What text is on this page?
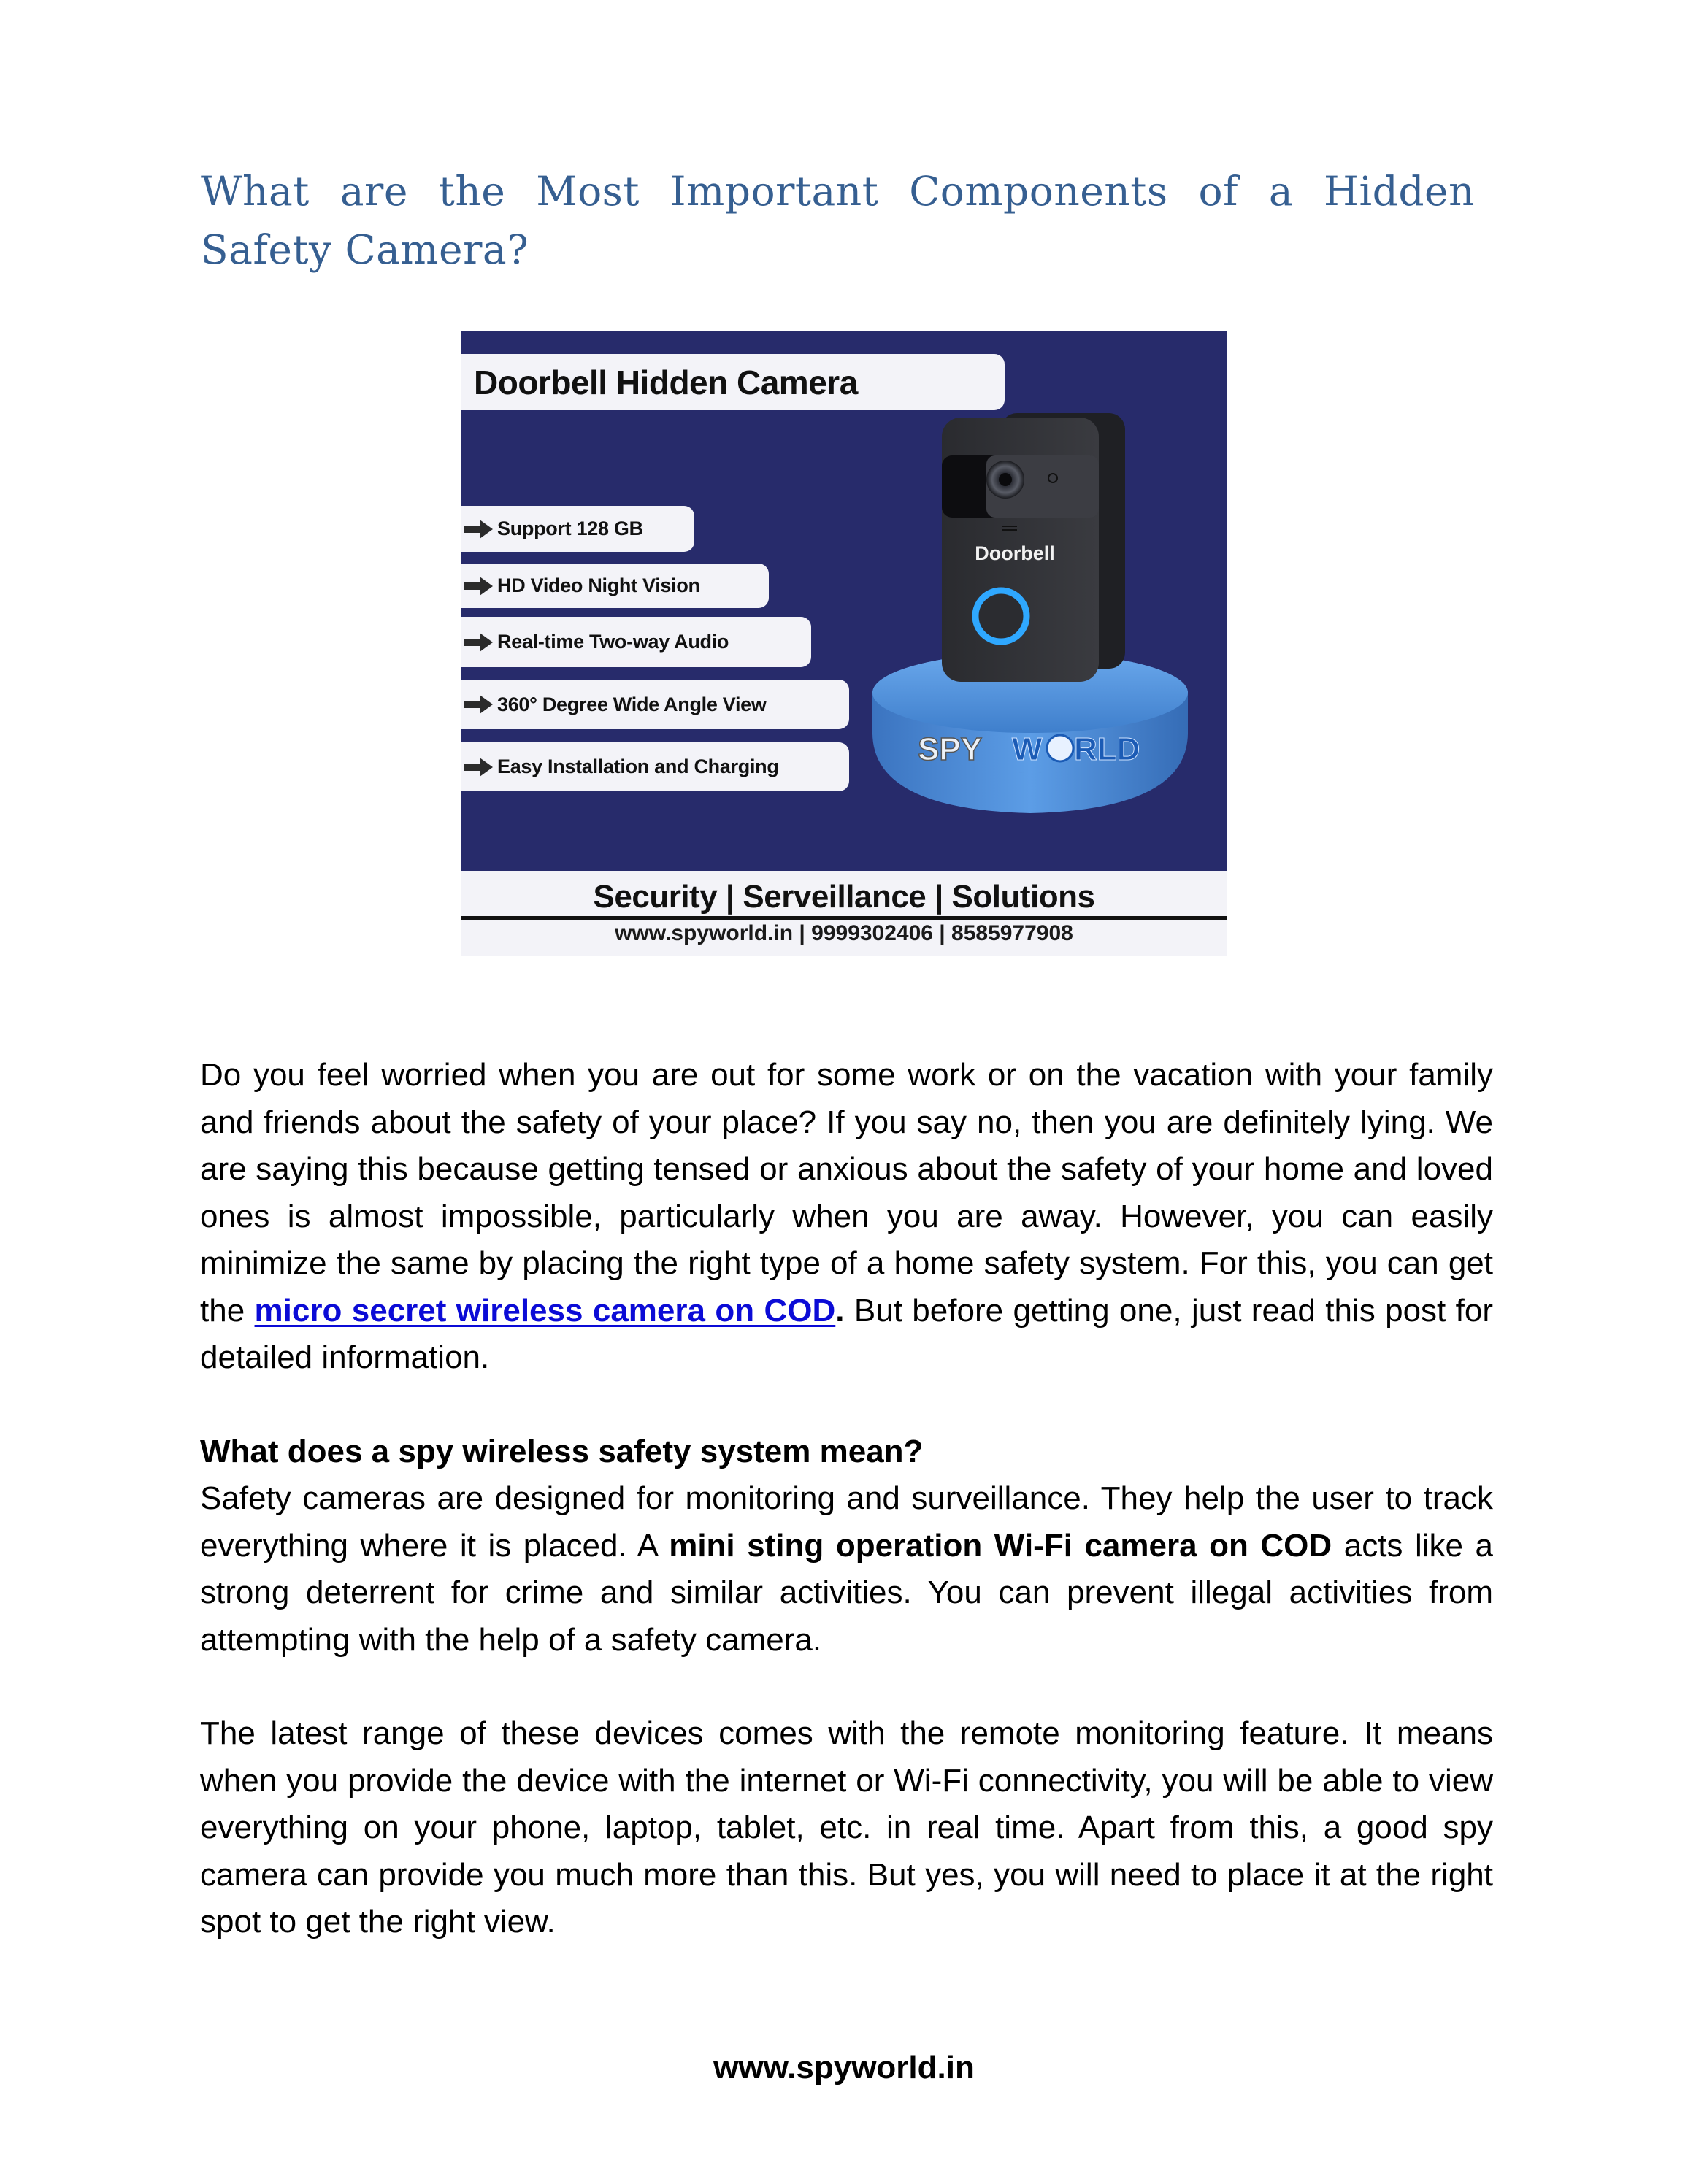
What are the Most Important Components of a Hidden Safety Camera?
Doorbell Hidden Camera
Support 128 GB
HD Video Night Vision
Real-time Two-way Audio
360° Degree Wide Angle View
Easy Installation and Charging
Doorbell
SPY W RLD
Security | Serveillance | Solutions
www.spyworld.in | 9999302406 | 8585977908

Do you feel worried when you are out for some work or on the vacation with your family and friends about the safety of your place? If you say no, then you are definitely lying. We are saying this because getting tensed or anxious about the safety of your home and loved ones is almost impossible, particularly when you are away. However, you can easily minimize the same by placing the right type of a home safety system. For this, you can get the micro secret wireless camera on COD. But before getting one, just read this post for detailed information.

What does a spy wireless safety system mean?

Safety cameras are designed for monitoring and surveillance. They help the user to track everything where it is placed. A mini sting operation Wi-Fi camera on COD acts like a strong deterrent for crime and similar activities. You can prevent illegal activities from attempting with the help of a safety camera.

The latest range of these devices comes with the remote monitoring feature. It means when you provide the device with the internet or Wi-Fi connectivity, you will be able to view everything on your phone, laptop, tablet, etc. in real time. Apart from this, a good spy camera can provide you much more than this. But yes, you will need to place it at the right spot to get the right view.

www.spyworld.in
